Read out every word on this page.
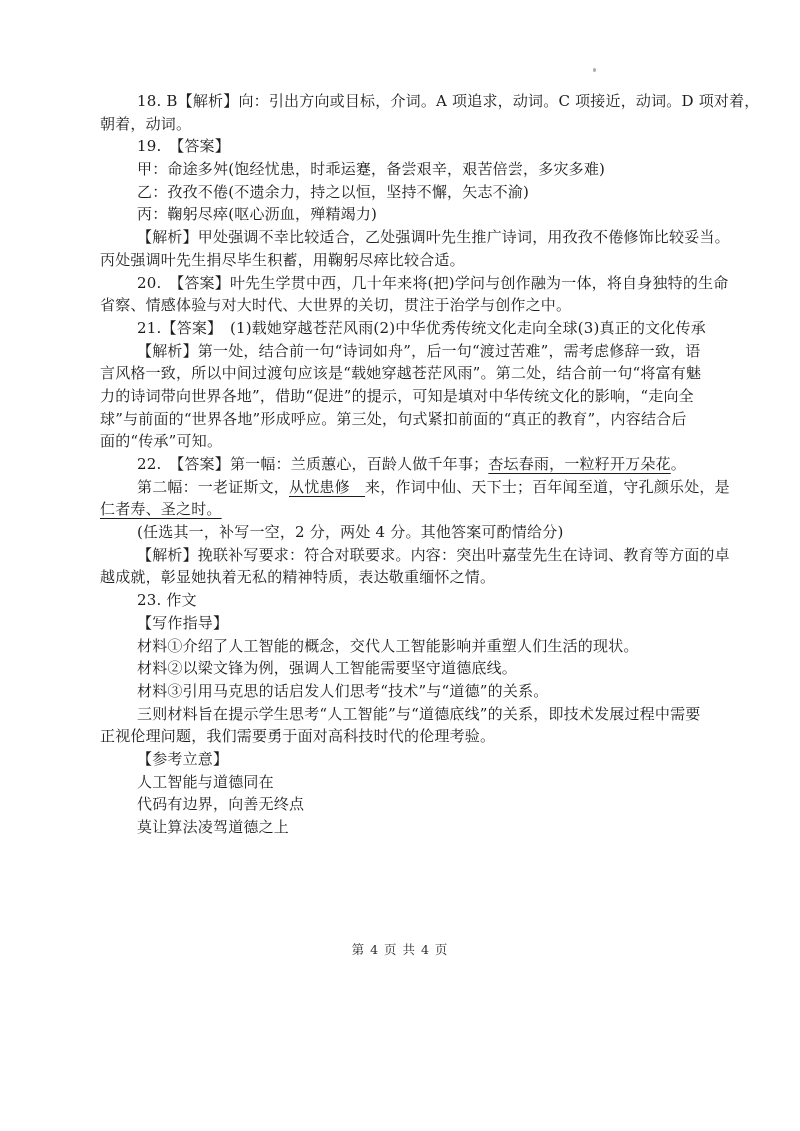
18. B【解析】向：引出方向或目标，介词。A 项追求，动词。C 项接近，动词。D 项对着，

朝着，动词。

19.　【答案】

甲：命途多舛(饱经忧患，时乖运蹇，备尝艰辛，艰苦倍尝，多灾多难)

乙：孜孜不倦(不遗余力，持之以恒，坚持不懈，矢志不渝)

丙：鞠躬尽瘁(呕心沥血，殚精竭力)

【解析】甲处强调不幸比较适合，乙处强调叶先生推广诗词，用孜孜不倦修饰比较妥当。

丙处强调叶先生捐尽毕生积蓄，用鞠躬尽瘁比较合适。

20.　【答案】叶先生学贯中西，几十年来将(把)学问与创作融为一体，将自身独特的生命

省察、情感体验与对大时代、大世界的关切，贯注于治学与创作之中。

21.【答案】　(1)载她穿越苍茫风雨(2)中华优秀传统文化走向全球(3)真正的文化传承

【解析】第一处，结合前一句“诗词如舟”，后一句“渡过苦难”，需考虑修辞一致，语

言风格一致，所以中间过渡句应该是“载她穿越苍茫风雨”。第二处，结合前一句“将富有魅

力的诗词带向世界各地”，借助“促进”的提示，可知是填对中华传统文化的影响，“走向全

球”与前面的“世界各地”形成呼应。第三处，句式紧扣前面的“真正的教育”，内容结合后

面的“传承”可知。

22.　【答案】第一幅：兰质蕙心，百龄人做千年事；杏坛春雨，一粒籽开万朵花。

第二幅：一老证斯文，从忧患修　来，作词中仙、天下士；百年闻至道，守孔颜乐处，是

仁者寿、圣之时。

(任选其一，补写一空，2 分，两处 4 分。其他答案可酌情给分)

【解析】挽联补写要求：符合对联要求。内容：突出叶嘉莹先生在诗词、教育等方面的卓

越成就，彰显她执着无私的精神特质，表达敬重缅怀之情。

23. 作文

【写作指导】

材料①介绍了人工智能的概念，交代人工智能影响并重塑人们生活的现状。

材料②以梁文锋为例，强调人工智能需要坚守道德底线。

材料③引用马克思的话启发人们思考“技术”与“道德”的关系。

三则材料旨在提示学生思考“人工智能”与“道德底线”的关系，即技术发展过程中需要

正视伦理问题，我们需要勇于面对高科技时代的伦理考验。

【参考立意】

人工智能与道德同在

代码有边界，向善无终点

莫让算法凌驾道德之上

第 4 页 共 4 页
